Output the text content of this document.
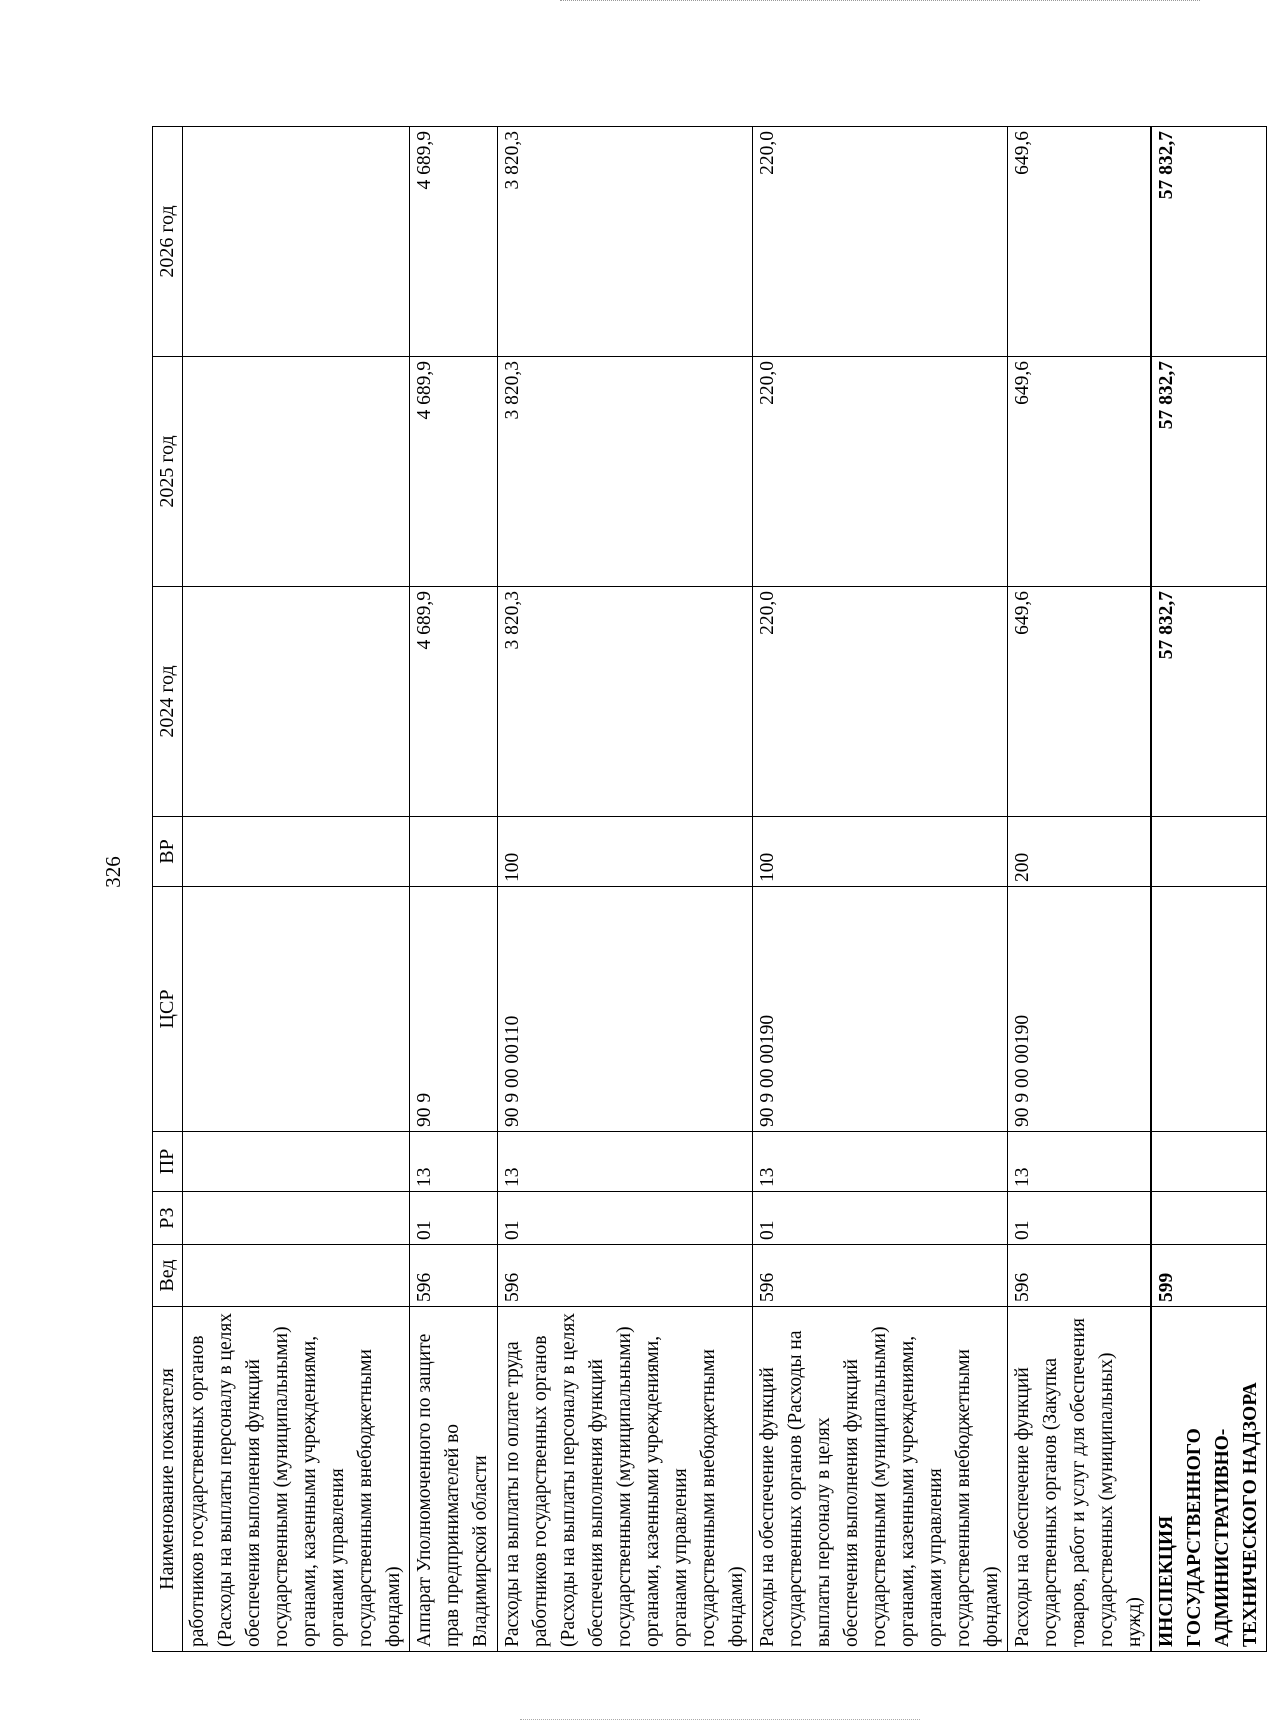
326
Наименование показателя	Вед	РЗ	ПР	ЦСР	ВР	2024 год	2025 год	2026 год
работников государственных органов (Расходы на выплаты персоналу в целях обеспечения выполнения функций государственными (муниципальными) органами, казенными учреждениями, органами управления государственными внебюджетными фондами)								
Аппарат Уполномоченного по защите прав предпринимателей во Владимирской области	596	01	13	90 9		4 689,9	4 689,9	4 689,9
Расходы на выплаты по оплате труда работников государственных органов (Расходы на выплаты персоналу в целях обеспечения выполнения функций государственными (муниципальными) органами, казенными учреждениями, органами управления государственными внебюджетными фондами)	596	01	13	90 9 00 00110	100	3 820,3	3 820,3	3 820,3
Расходы на обеспечение функций государственных органов (Расходы на выплаты персоналу в целях обеспечения выполнения функций государственными (муниципальными) органами, казенными учреждениями, органами управления государственными внебюджетными фондами)	596	01	13	90 9 00 00190	100	220,0	220,0	220,0
Расходы на обеспечение функций государственных органов (Закупка товаров, работ и услуг для обеспечения государственных (муниципальных) нужд)	596	01	13	90 9 00 00190	200	649,6	649,6	649,6
ИНСПЕКЦИЯ ГОСУДАРСТВЕННОГО АДМИНИСТРАТИВНО-ТЕХНИЧЕСКОГО НАДЗОРА	599					57 832,7	57 832,7	57 832,7
